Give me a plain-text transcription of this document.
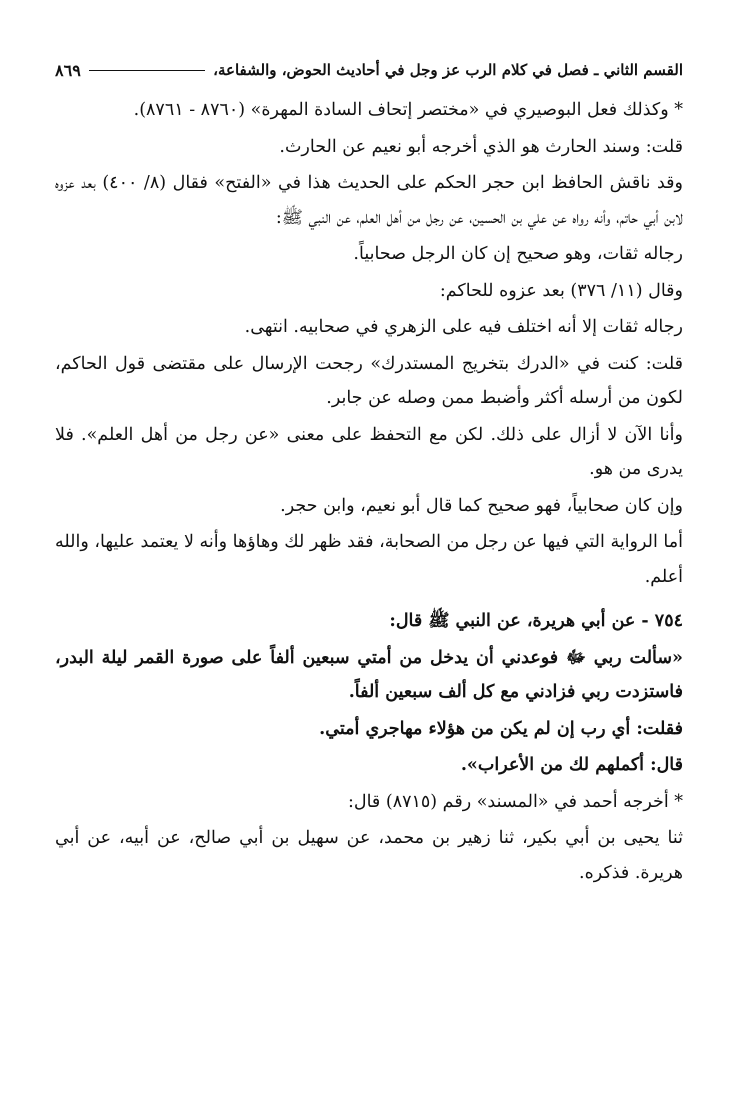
القسم الثاني ـ فصل في كلام الرب عز وجل في أحاديث الحوض، والشفاعة،
٨٦٩

* وكذلك فعل البوصيري في «مختصر إتحاف السادة المهرة» (٨٧٦٠ - ٨٧٦١).

قلت: وسند الحارث هو الذي أخرجه أبو نعيم عن الحارث.

وقد ناقش الحافظ ابن حجر الحكم على الحديث هذا في «الفتح» فقال (٨/ ٤٠٠) بعد عزوه لابن أبي حاتم، وأنه رواه عن علي بن الحسين، عن رجل من أهل العلم، عن النبي ﷺ:

رجاله ثقات، وهو صحيح إن كان الرجل صحابياً.

وقال (١١/ ٣٧٦) بعد عزوه للحاكم:

رجاله ثقات إلا أنه اختلف فيه على الزهري في صحابيه. انتهى.

قلت: كنت في «الدرك بتخريج المستدرك» رجحت الإرسال على مقتضى قول الحاكم، لكون من أرسله أكثر وأضبط ممن وصله عن جابر.

وأنا الآن لا أزال على ذلك. لكن مع التحفظ على معنى «عن رجل من أهل العلم». فلا يدرى من هو.

وإن كان صحابياً، فهو صحيح كما قال أبو نعيم، وابن حجر.

أما الرواية التي فيها عن رجل من الصحابة، فقد ظهر لك وهاؤها وأنه لا يعتمد عليها، والله أعلم.

٧٥٤ - عن أبي هريرة، عن النبي ﷺ قال:

«سألت ربي ﷻ فوعدني أن يدخل من أمتي سبعين ألفاً على صورة القمر ليلة البدر، فاستزدت ربي فزادني مع كل ألف سبعين ألفاً.

فقلت: أي رب إن لم يكن من هؤلاء مهاجري أمتي.

قال: أكملهم لك من الأعراب».

* أخرجه أحمد في «المسند» رقم (٨٧١٥) قال:

ثنا يحيى بن أبي بكير، ثنا زهير بن محمد، عن سهيل بن أبي صالح، عن أبيه، عن أبي هريرة. فذكره.
